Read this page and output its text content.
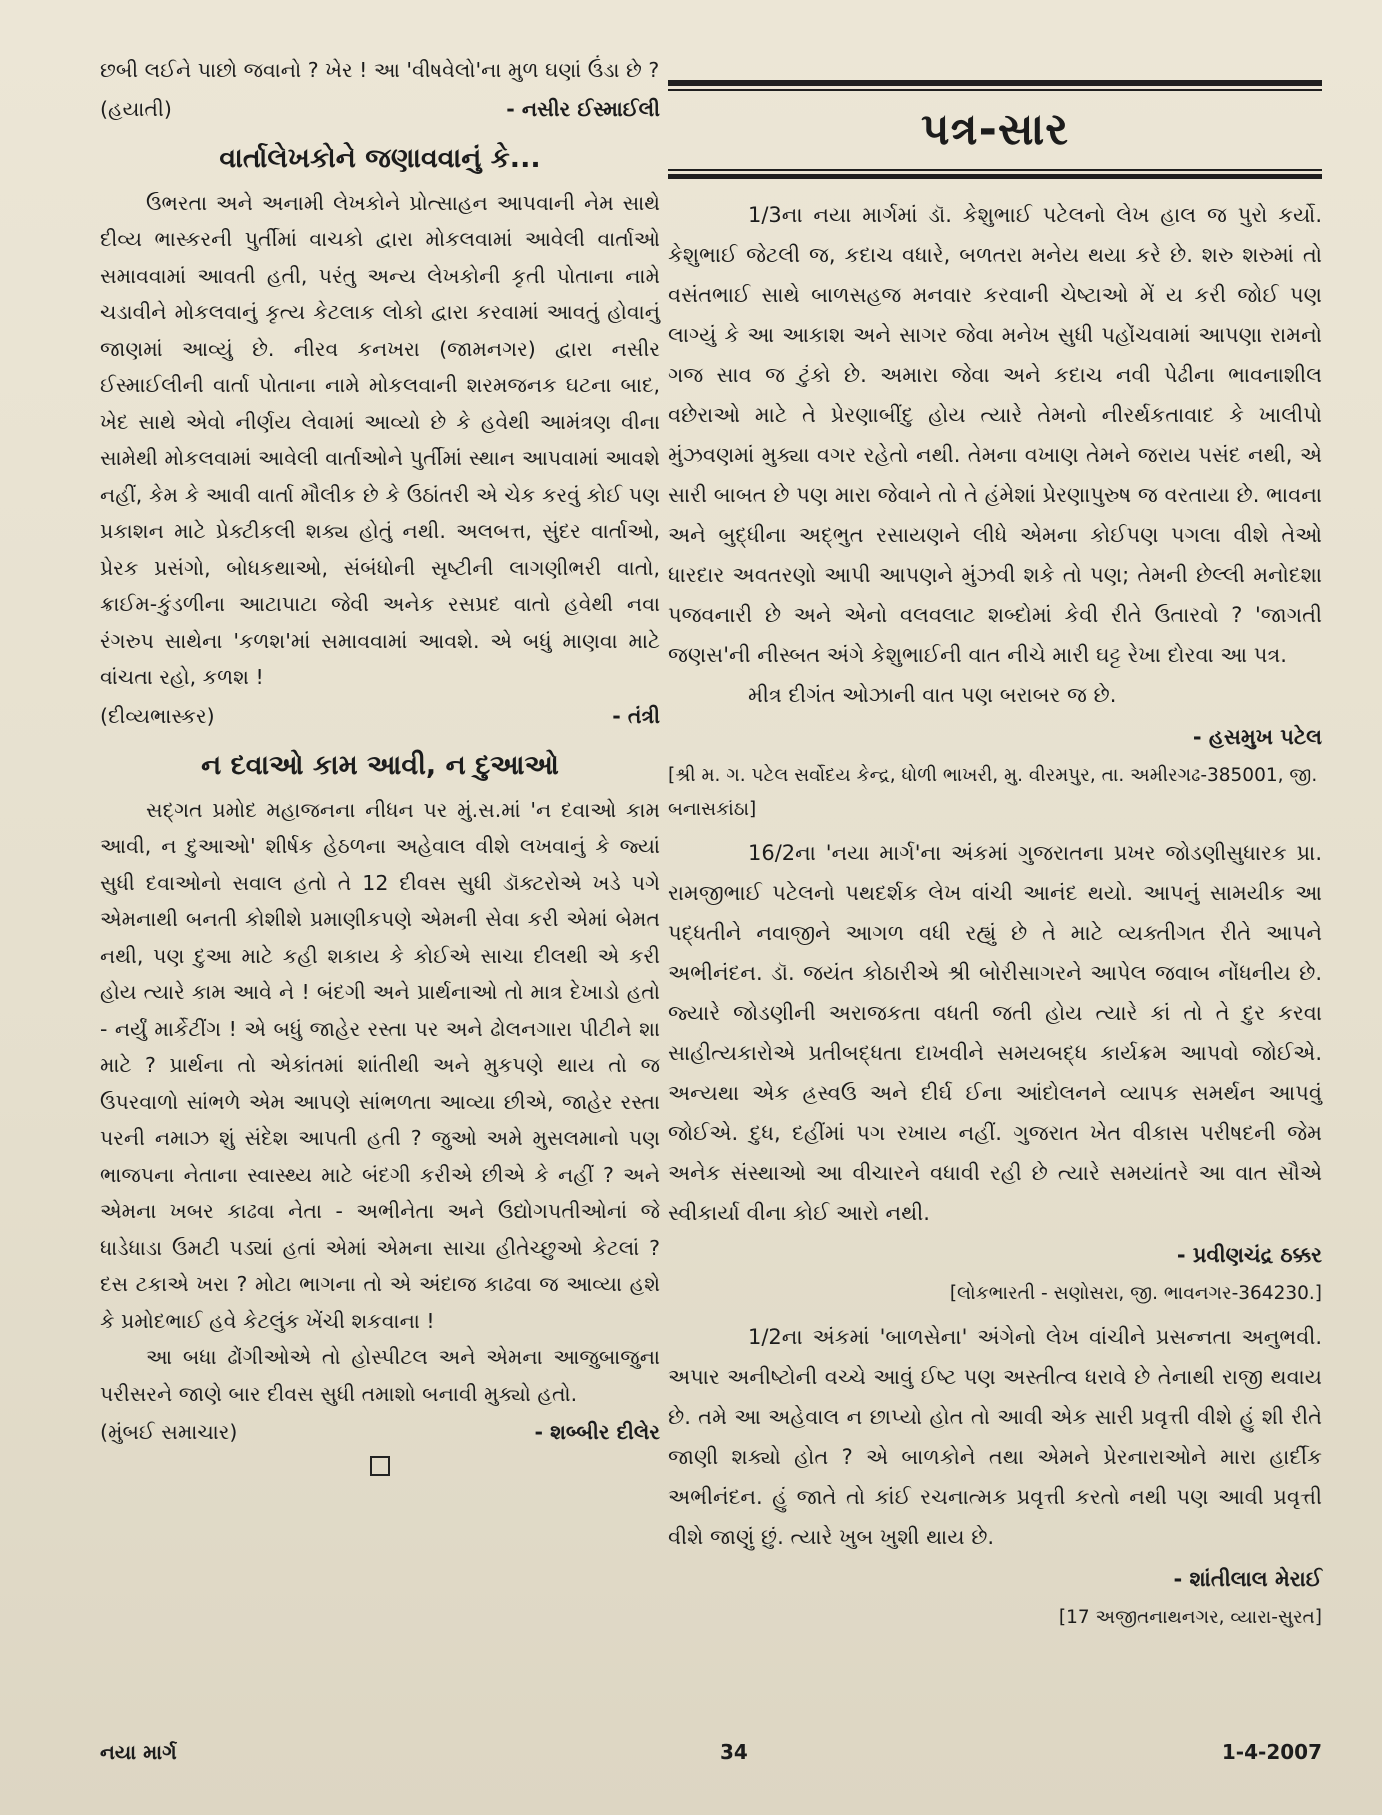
છબી લઈને પાછો જવાનો ? ખેર ! આ 'વીષવેલો'ના મુળ ઘણાં ઉંડા છે ?

(હયાતી)	- નસીર ઈસ્માઈલી
વાર્તાલેખકોને જણાવવાનું કે...

ઉભરતા અને અનામી લેખકોને પ્રોત્સાહન આપવાની નેમ સાથે દીવ્ય ભાસ્કરની પુર્તીમાં વાચકો દ્વારા મોકલવામાં આવેલી વાર્તાઓ સમાવવામાં આવતી હતી, પરંતુ અન્ય લેખકોની કૃતી પોતાના નામે ચડાવીને મોકલવાનું કૃત્ય કેટલાક લોકો દ્વારા કરવામાં આવતું હોવાનું જાણમાં આવ્યું છે. નીરવ કનખરા (જામનગર) દ્વારા નસીર ઈસ્માઈલીની વાર્તા પોતાના નામે મોકલવાની શરમજનક ઘટના બાદ, ખેદ સાથે એવો નીર્ણય લેવામાં આવ્યો છે કે હવેથી આમંત્રણ વીના સામેથી મોકલવામાં આવેલી વાર્તાઓને પુર્તીમાં સ્થાન આપવામાં આવશે નહીં, કેમ કે આવી વાર્તા મૌલીક છે કે ઉઠાંતરી એ ચેક કરવું કોઈ પણ પ્રકાશન માટે પ્રેક્ટીકલી શક્ય હોતું નથી. અલબત્ત, સુંદર વાર્તાઓ, પ્રેરક પ્રસંગો, બોધકથાઓ, સંબંધોની સૃષ્ટીની લાગણીભરી વાતો, ક્રાઈમ-કુંડળીના આટાપાટા જેવી અનેક રસપ્રદ વાતો હવેથી નવા રંગરુપ સાથેના 'કળશ'માં સમાવવામાં આવશે. એ બધું માણવા માટે વાંચતા રહો, કળશ !

(દીવ્યભાસ્કર)	- તંત્રી
ન દવાઓ કામ આવી, ન દુઆઓ

સદ્ગત પ્રમોદ મહાજનના નીધન પર મું.સ.માં 'ન દવાઓ કામ આવી, ન દુઆઓ' શીર્ષક હેઠળના અહેવાલ વીશે લખવાનું કે જ્યાં સુધી દવાઓનો સવાલ હતો તે 12 દીવસ સુધી ડૉક્ટરોએ ખડે પગે એમનાથી બનતી કોશીશે પ્રમાણીકપણે એમની સેવા કરી એમાં બેમત નથી, પણ દુઆ માટે કહી શકાય કે કોઈએ સાચા દીલથી એ કરી હોય ત્યારે કામ આવે ને ! બંદગી અને પ્રાર્થનાઓ તો માત્ર દેખાડો હતો - નર્યું માર્કેટીંગ ! એ બધું જાહેર રસ્તા પર અને ઢોલનગારા પીટીને શા માટે ? પ્રાર્થના તો એકાંતમાં શાંતીથી અને મુકપણે થાય તો જ ઉપરવાળો સાંભળે એમ આપણે સાંભળતા આવ્યા છીએ, જાહેર રસ્તા પરની નમાઝ શું સંદેશ આપતી હતી ? જુઓ અમે મુસલમાનો પણ ભાજપના નેતાના સ્વાસ્થ્ય માટે બંદગી કરીએ છીએ કે નહીં ? અને એમના ખબર કાઢવા નેતા - અભીનેતા અને ઉદ્યોગપતીઓનાં જે ધાડેધાડા ઉમટી પડ્યાં હતાં એમાં એમના સાચા હીતેચ્છુઓ કેટલાં ? દસ ટકાએ ખરા ? મોટા ભાગના તો એ અંદાજ કાઢવા જ આવ્યા હશે કે પ્રમોદભાઈ હવે કેટલુંક ખેંચી શકવાના !

આ બધા ઢોંગીઓએ તો હોસ્પીટલ અને એમના આજુબાજુના પરીસરને જાણે બાર દીવસ સુધી તમાશો બનાવી મુક્યો હતો.

(મુંબઈ સમાચાર)	- શબ્બીર દીલેર
પત્ર-સાર

1/3ના નયા માર્ગમાં ડૉ. કેશુભાઈ પટેલનો લેખ હાલ જ પુરો કર્યો. કેશુભાઈ જેટલી જ, કદાચ વધારે, બળતરા મનેય થયા કરે છે. શરુ શરુમાં તો વસંતભાઈ સાથે બાળસહજ મનવાર કરવાની ચેષ્ટાઓ મેં ય કરી જોઈ પણ લાગ્યું કે આ આકાશ અને સાગર જેવા મનેખ સુધી પહોંચવામાં આપણા રામનો ગજ સાવ જ ટુંકો છે. અમારા જેવા અને કદાચ નવી પેઢીના ભાવનાશીલ વછેરાઓ માટે તે પ્રેરણાબીંદુ હોય ત્યારે તેમનો નીરર્થકતાવાદ કે ખાલીપો મુંઝવણમાં મુક્યા વગર રહેતો નથી. તેમના વખાણ તેમને જરાય પસંદ નથી, એ સારી બાબત છે પણ મારા જેવાને તો તે હંમેશાં પ્રેરણાપુરુષ જ વરતાયા છે. ભાવના અને બુદ્ધીના અદ્ભુત રસાયણને લીધે એમના કોઈપણ પગલા વીશે તેઓ ધારદાર અવતરણો આપી આપણને મુંઝવી શકે તો પણ; તેમની છેલ્લી મનોદશા પજવનારી છે અને એનો વલવલાટ શબ્દોમાં કેવી રીતે ઉતારવો ? 'જાગતી જણસ'ની નીસ્બત અંગે કેશુભાઈની વાત નીચે મારી ઘટ્ટ રેખા દોરવા આ પત્ર.

મીત્ર દીગંત ઓઝાની વાત પણ બરાબર જ છે.

- હસમુખ પટેલ

[શ્રી મ. ગ. પટેલ સર્વોદય કેન્દ્ર, ધોળી ભાખરી, મુ. વીરમપુર, તા. અમીરગઢ-385001, જી. બનાસકાંઠા]

16/2ના 'નયા માર્ગ'ના અંકમાં ગુજરાતના પ્રખર જોડણીસુધારક પ્રા. રામજીભાઈ પટેલનો પથદર્શક લેખ વાંચી આનંદ થયો. આપનું સામયીક આ પદ્ધતીને નવાજીને આગળ વધી રહ્યું છે તે માટે વ્યક્તીગત રીતે આપને અભીનંદન. ડૉ. જયંત કોઠારીએ શ્રી બોરીસાગરને આપેલ જવાબ નોંધનીય છે. જ્યારે જોડણીની અરાજકતા વધતી જતી હોય ત્યારે કાં તો તે દુર કરવા સાહીત્યકારોએ પ્રતીબદ્ધતા દાખવીને સમયબદ્ધ કાર્યક્રમ આપવો જોઈએ. અન્યથા એક હ્રસ્વઉ અને દીર્ઘ ઈના આંદોલનને વ્યાપક સમર્થન આપવું જોઈએ. દુધ, દહીંમાં પગ રખાય નહીં. ગુજરાત ખેત વીકાસ પરીષદની જેમ અનેક સંસ્થાઓ આ વીચારને વધાવી રહી છે ત્યારે સમયાંતરે આ વાત સૌએ સ્વીકાર્યા વીના કોઈ આરો નથી.

- પ્રવીણચંદ્ર ઠક્કર

[લોકભારતી - સણોસરા, જી. ભાવનગર-364230.]

1/2ના અંકમાં 'બાળસેના' અંગેનો લેખ વાંચીને પ્રસન્નતા અનુભવી. અપાર અનીષ્ટોની વચ્ચે આવું ઈષ્ટ પણ અસ્તીત્વ ધરાવે છે તેનાથી રાજી થવાય છે. તમે આ અહેવાલ ન છાપ્યો હોત તો આવી એક સારી પ્રવૃત્તી વીશે હું શી રીતે જાણી શક્યો હોત ? એ બાળકોને તથા એમને પ્રેરનારાઓને મારા હાર્દીક અભીનંદન. હું જાતે તો કાંઈ રચનાત્મક પ્રવૃત્તી કરતો નથી પણ આવી પ્રવૃત્તી વીશે જાણું છું. ત્યારે ખુબ ખુશી થાય છે.

- શાંતીલાલ મેરાઈ

[17 અજીતનાથનગર, વ્યારા-સુરત]

નયા માર્ગ	34	1-4-2007
